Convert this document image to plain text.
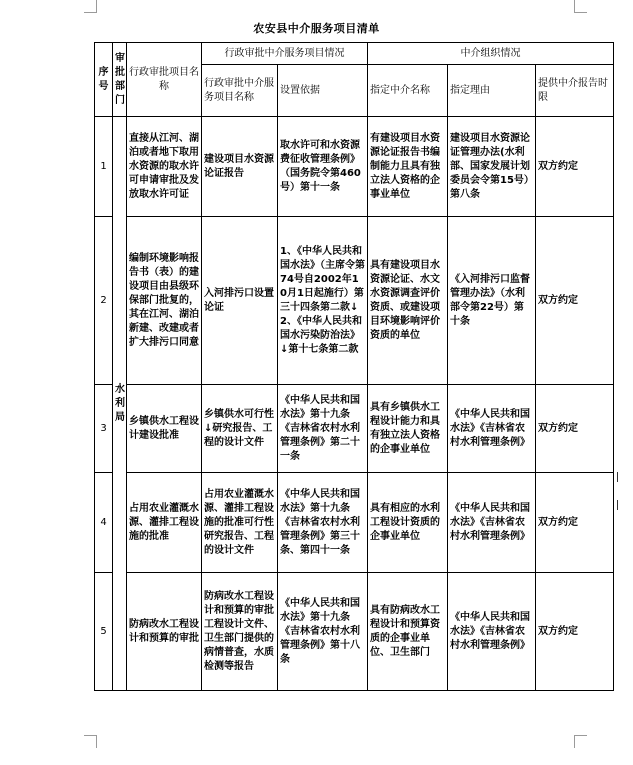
农安县中介服务项目清单
序号	审批部门	行政审批项目名称	行政审批中介服务项目情况		中介组织情况		
			行政审批中介服务项目名称	设置依据	指定中介名称	指定理由	提供中介报告时限
1	水利局	直接从江河、湖泊或者地下取用水资源的取水许可申请审批及发放取水许可证	建设项目水资源论证报告	取水许可和水资源费征收管理条例》（国务院令第460号）第十一条	有建设项目水资源论证报告书编制能力且具有独立法人资格的企事业单位	建设项目水资源论证管理办法(水利部、国家发展计划委员会令第15号）第八条	双方约定
2		编制环境影响报告书（表）的建设项目由县级环保部门批复的，其在江河、湖泊新建、改建或者扩大排污口同意	入河排污口设置论证	1、《中华人民共和国水法》（主席令第74号自2002年10月1日起施行）第三十四条第二款↓2、《中华人民共和国水污染防治法》↓第十七条第二款	具有建设项目水资源论证、水文水资源调查评价资质、或建设项目环境影响评价资质的单位	《入河排污口监督管理办法》（水利部令第22号）第十条	双方约定
3		乡镇供水工程设计建设批准	乡镇供水可行性↓研究报告、工程的设计文件	《中华人民共和国水法》第十九条《吉林省农村水利管理条例》第二十一条	具有乡镇供水工程设计能力和具有独立法人资格的企事业单位	《中华人民共和国水法》《吉林省农村水利管理条例》	双方约定
4		占用农业灌溉水源、灌排工程设施的批准	占用农业灌溉水源、灌排工程设施的批准可行性研究报告、工程的设计文件	《中华人民共和国水法》第十九条《吉林省农村水利管理条例》第三十条、第四十一条	具有相应的水利工程设计资质的企事业单位	《中华人民共和国水法》《吉林省农村水利管理条例》	双方约定
5		防病改水工程设计和预算的审批	防病改水工程设计和预算的审批工程设计文件、卫生部门提供的病情普查，水质检测等报告	《中华人民共和国水法》第十九条《吉林省农村水利管理条例》第十八条	具有防病改水工程设计和预算资质的企事业单位、卫生部门	《中华人民共和国水法》《吉林省农村水利管理条例》	双方约定
